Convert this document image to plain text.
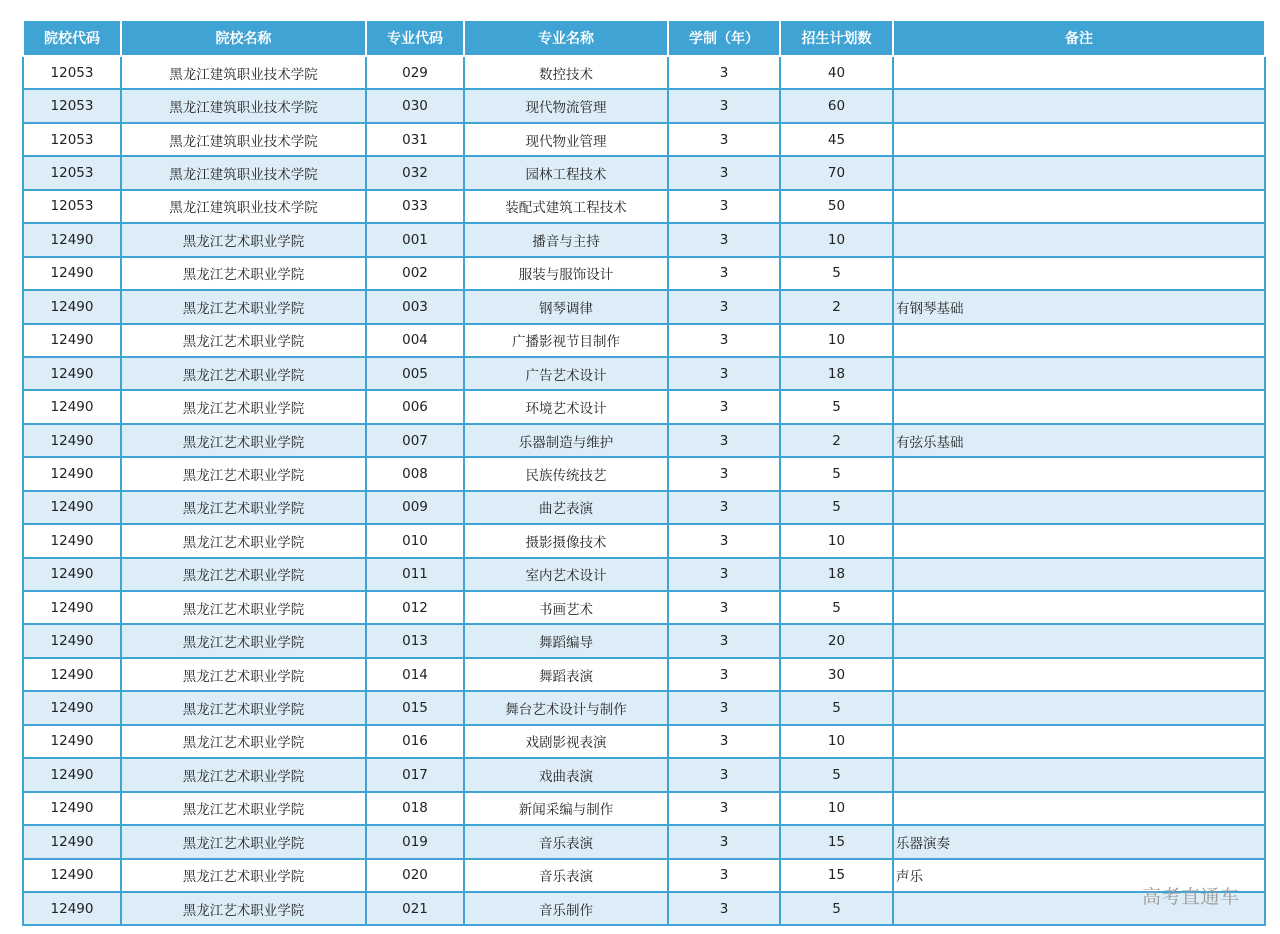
院校代码	院校名称	专业代码	专业名称	学制（年）	招生计划数	备注
12053	黑龙江建筑职业技术学院	029	数控技术	3	40	
12053	黑龙江建筑职业技术学院	030	现代物流管理	3	60	
12053	黑龙江建筑职业技术学院	031	现代物业管理	3	45	
12053	黑龙江建筑职业技术学院	032	园林工程技术	3	70	
12053	黑龙江建筑职业技术学院	033	装配式建筑工程技术	3	50	
12490	黑龙江艺术职业学院	001	播音与主持	3	10	
12490	黑龙江艺术职业学院	002	服装与服饰设计	3	5	
12490	黑龙江艺术职业学院	003	钢琴调律	3	2	有钢琴基础
12490	黑龙江艺术职业学院	004	广播影视节目制作	3	10	
12490	黑龙江艺术职业学院	005	广告艺术设计	3	18	
12490	黑龙江艺术职业学院	006	环境艺术设计	3	5	
12490	黑龙江艺术职业学院	007	乐器制造与维护	3	2	有弦乐基础
12490	黑龙江艺术职业学院	008	民族传统技艺	3	5	
12490	黑龙江艺术职业学院	009	曲艺表演	3	5	
12490	黑龙江艺术职业学院	010	摄影摄像技术	3	10	
12490	黑龙江艺术职业学院	011	室内艺术设计	3	18	
12490	黑龙江艺术职业学院	012	书画艺术	3	5	
12490	黑龙江艺术职业学院	013	舞蹈编导	3	20	
12490	黑龙江艺术职业学院	014	舞蹈表演	3	30	
12490	黑龙江艺术职业学院	015	舞台艺术设计与制作	3	5	
12490	黑龙江艺术职业学院	016	戏剧影视表演	3	10	
12490	黑龙江艺术职业学院	017	戏曲表演	3	5	
12490	黑龙江艺术职业学院	018	新闻采编与制作	3	10	
12490	黑龙江艺术职业学院	019	音乐表演	3	15	乐器演奏
12490	黑龙江艺术职业学院	020	音乐表演	3	15	声乐
12490	黑龙江艺术职业学院	021	音乐制作	3	5	
高考直通车
